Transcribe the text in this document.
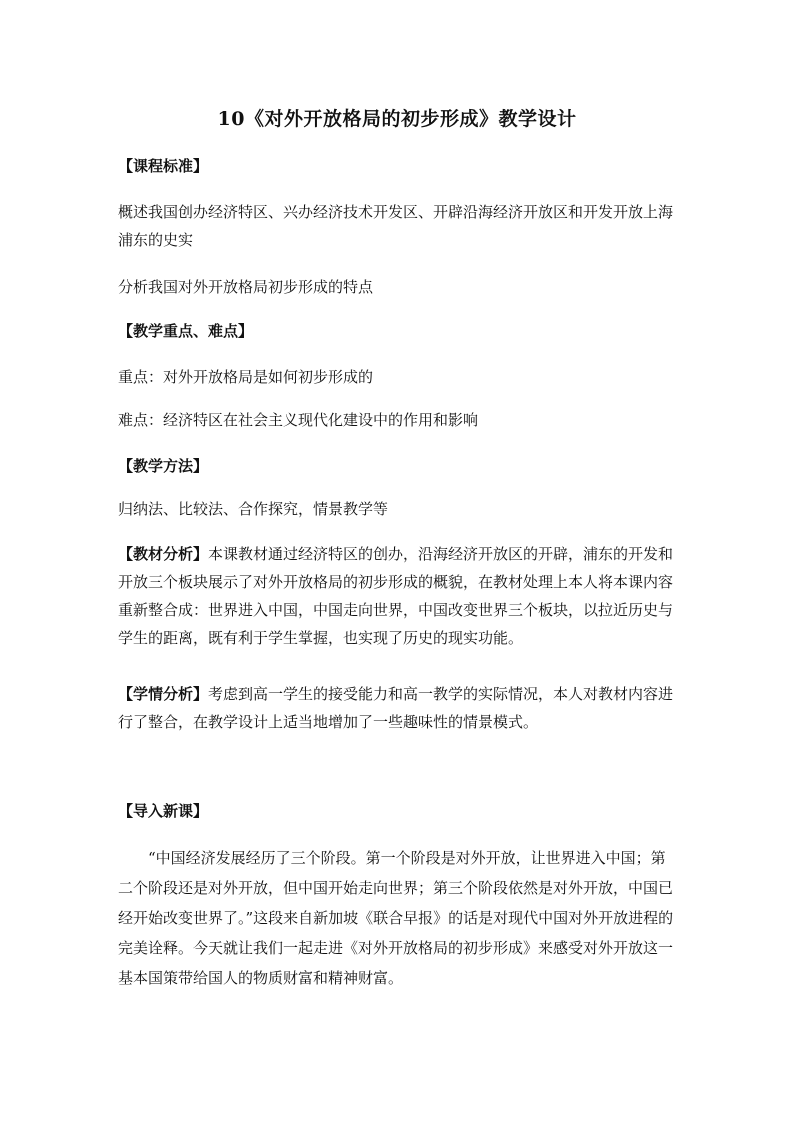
10《对外开放格局的初步形成》教学设计
【课程标准】
概述我国创办经济特区、兴办经济技术开发区、开辟沿海经济开放区和开发开放上海浦东的史实
分析我国对外开放格局初步形成的特点
【教学重点、难点】
重点：对外开放格局是如何初步形成的
难点：经济特区在社会主义现代化建设中的作用和影响
【教学方法】
归纳法、比较法、合作探究，情景教学等
【教材分析】本课教材通过经济特区的创办，沿海经济开放区的开辟，浦东的开发和开放三个板块展示了对外开放格局的初步形成的概貌，在教材处理上本人将本课内容重新整合成：世界进入中国，中国走向世界，中国改变世界三个板块，以拉近历史与学生的距离，既有利于学生掌握，也实现了历史的现实功能。
【学情分析】考虑到高一学生的接受能力和高一教学的实际情况，本人对教材内容进行了整合，在教学设计上适当地增加了一些趣味性的情景模式。
【导入新课】
“中国经济发展经历了三个阶段。第一个阶段是对外开放，让世界进入中国；第二个阶段还是对外开放，但中国开始走向世界；第三个阶段依然是对外开放，中国已经开始改变世界了。”这段来自新加坡《联合早报》的话是对现代中国对外开放进程的完美诠释。今天就让我们一起走进《对外开放格局的初步形成》来感受对外开放这一基本国策带给国人的物质财富和精神财富。
